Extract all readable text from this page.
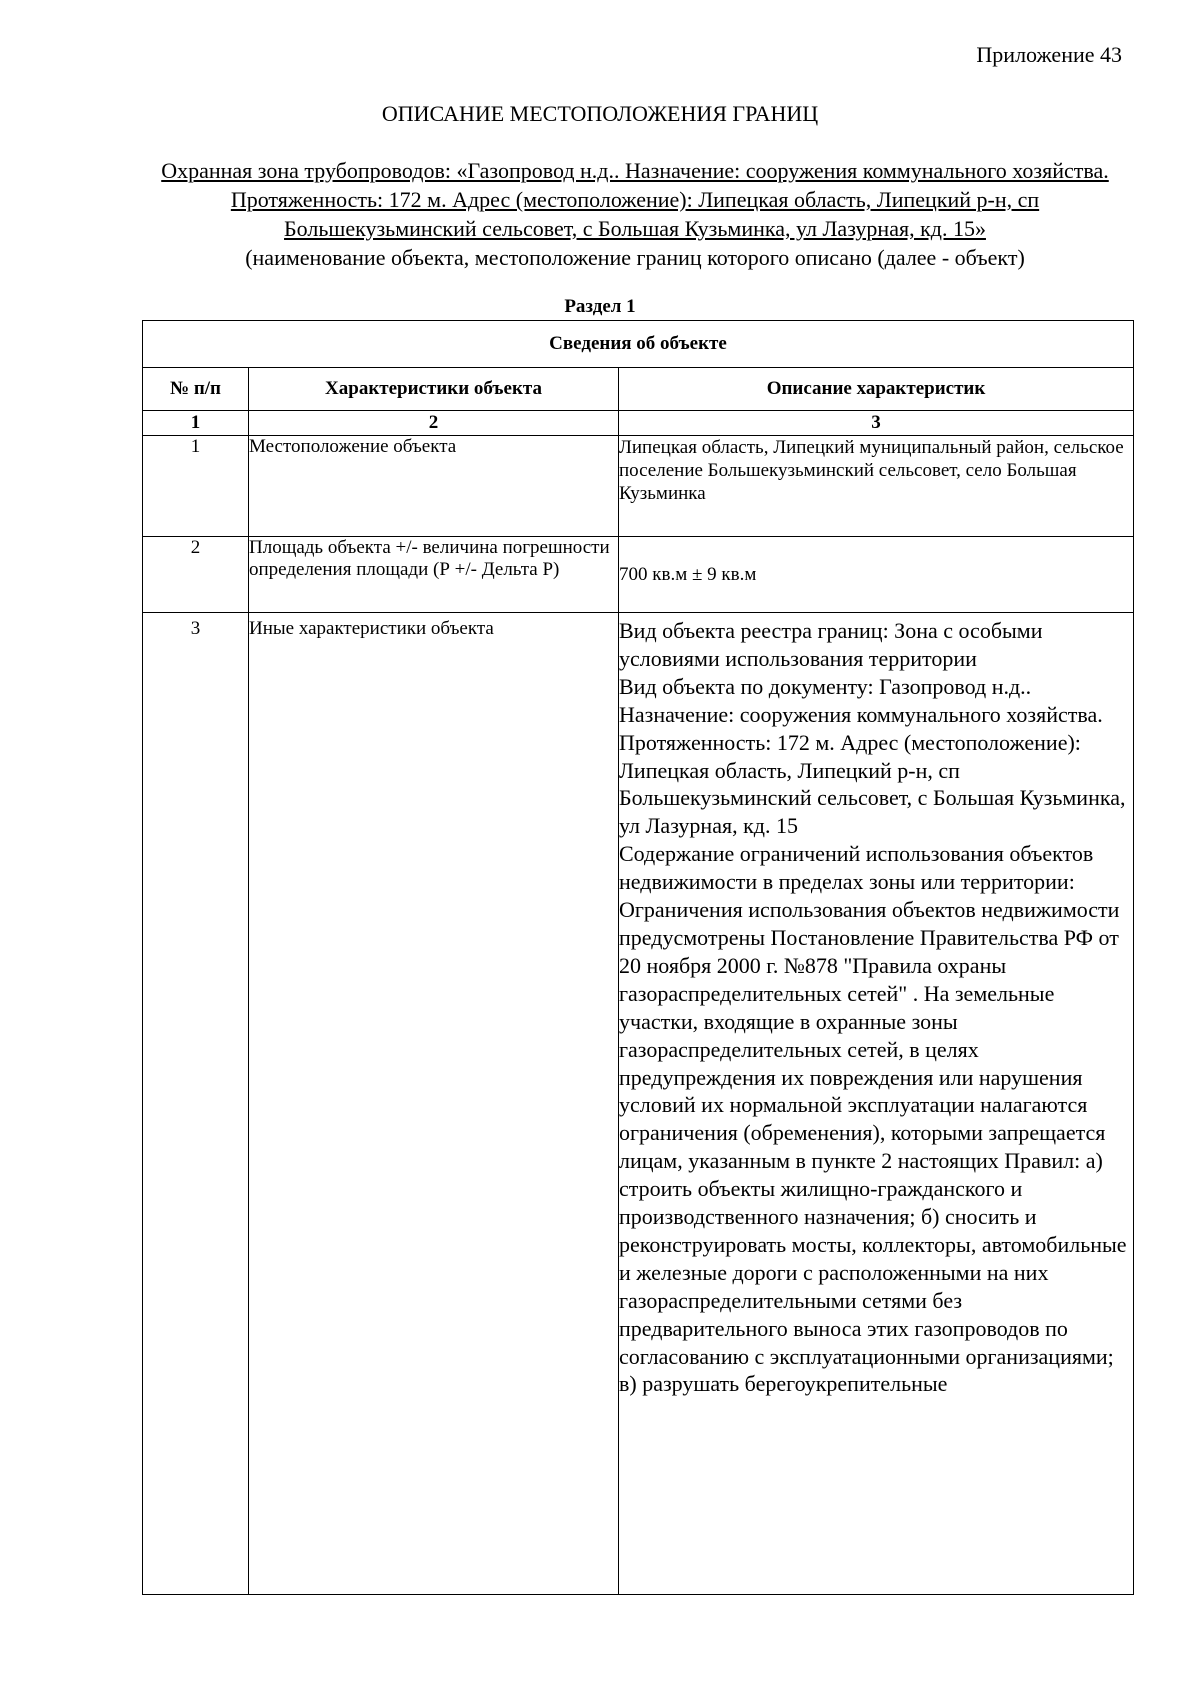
Приложение 43
ОПИСАНИЕ МЕСТОПОЛОЖЕНИЯ ГРАНИЦ
Охранная зона трубопроводов: «Газопровод н.д.. Назначение: сооружения коммунального хозяйства. Протяженность: 172 м. Адрес (местоположение): Липецкая область, Липецкий р-н, сп Большекузьминский сельсовет, с Большая Кузьминка, ул Лазурная, кд. 15»
(наименование объекта, местоположение границ которого описано (далее - объект)
Раздел 1
Сведения об объекте		
№ п/п	Характеристики объекта	Описание характеристик
1	2	3
1	Местоположение объекта	Липецкая область, Липецкий муниципальный район, сельское поселение Большекузьминский сельсовет, село Большая Кузьминка
2	Площадь объекта +/- величина погрешности определения площади (Р +/- Дельта Р)	700 кв.м ± 9 кв.м
3	Иные характеристики объекта	Вид объекта реестра границ: Зона с особыми условиями использования территории
Вид объекта по документу: Газопровод н.д.. Назначение: сооружения коммунального хозяйства. Протяженность: 172 м. Адрес (местоположение): Липецкая область, Липецкий р-н, сп Большекузьминский сельсовет, с Большая Кузьминка, ул Лазурная, кд. 15
Содержание ограничений использования объектов недвижимости в пределах зоны или территории: Ограничения использования объектов недвижимости предусмотрены Постановление Правительства РФ от 20 ноября 2000 г. №878 "Правила охраны газораспределительных сетей" . На земельные участки, входящие в охранные зоны газораспределительных сетей, в целях предупреждения их повреждения или нарушения условий их нормальной эксплуатации налагаются ограничения (обременения), которыми запрещается лицам, указанным в пункте 2 настоящих Правил: а) строить объекты жилищно-гражданского и производственного назначения; б) сносить и реконструировать мосты, коллекторы, автомобильные и железные дороги с расположенными на них газораспределительными сетями без предварительного выноса этих газопроводов по согласованию с эксплуатационными организациями; в) разрушать берегоукрепительные
